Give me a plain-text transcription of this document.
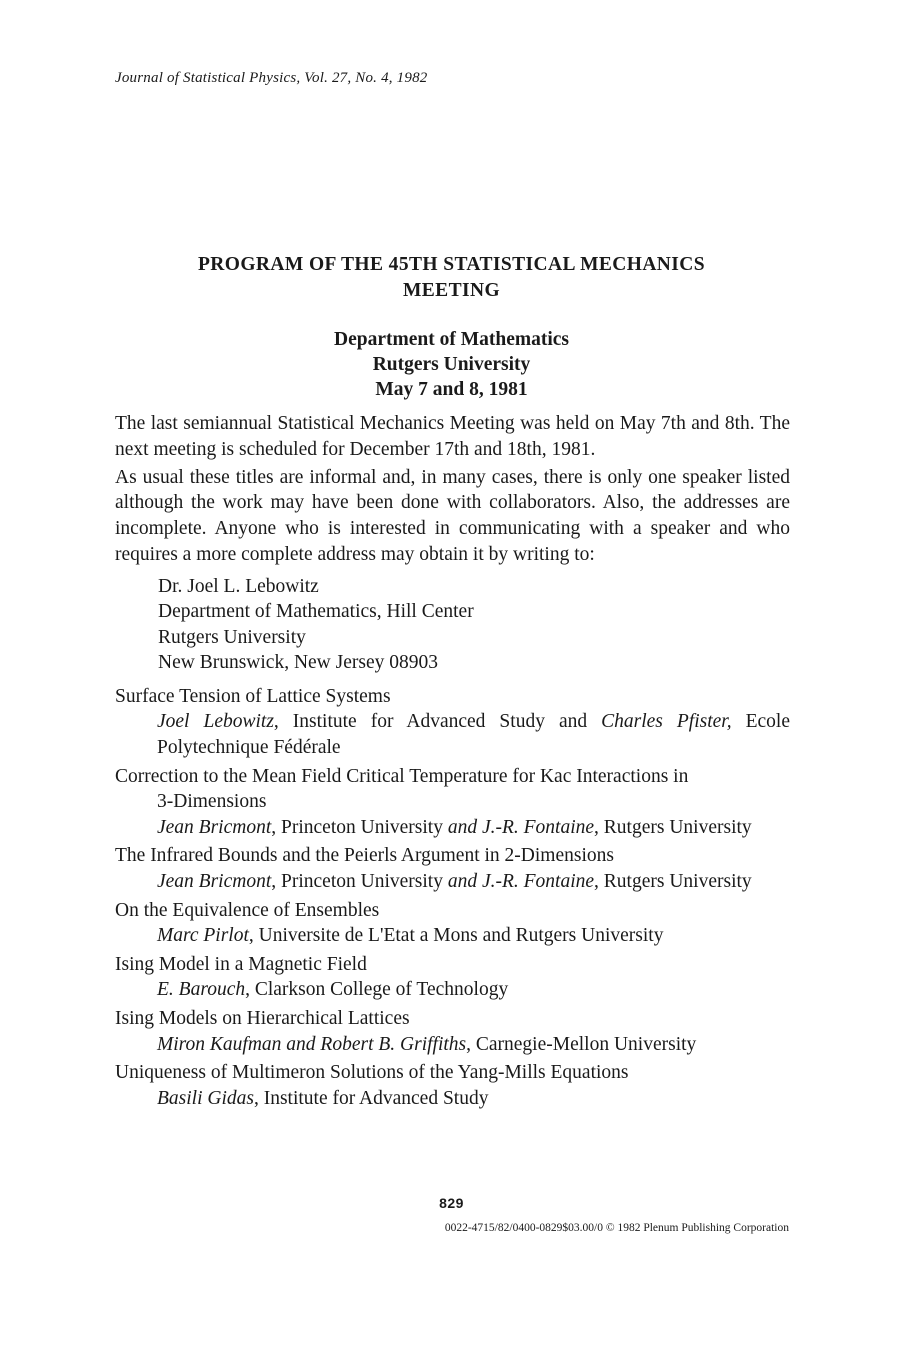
Journal of Statistical Physics, Vol. 27, No. 4, 1982
PROGRAM OF THE 45TH STATISTICAL MECHANICS
MEETING
Department of Mathematics
Rutgers University
May 7 and 8, 1981

The last semiannual Statistical Mechanics Meeting was held on May 7th and 8th. The next meeting is scheduled for December 17th and 18th, 1981.

As usual these titles are informal and, in many cases, there is only one speaker listed although the work may have been done with collaborators. Also, the addresses are incomplete. Anyone who is interested in communicating with a speaker and who requires a more complete address may obtain it by writing to:

Dr. Joel L. Lebowitz
Department of Mathematics, Hill Center
Rutgers University
New Brunswick, New Jersey 08903
Surface Tension of Lattice Systems
Joel Lebowitz, Institute for Advanced Study and Charles Pfister, Ecole Polytechnique Fédérale
Correction to the Mean Field Critical Temperature for Kac Interactions in
3-Dimensions
Jean Bricmont, Princeton University and J.-R. Fontaine, Rutgers University
The Infrared Bounds and the Peierls Argument in 2-Dimensions
Jean Bricmont, Princeton University and J.-R. Fontaine, Rutgers University
On the Equivalence of Ensembles
Marc Pirlot, Universite de L'Etat a Mons and Rutgers University
Ising Model in a Magnetic Field
E. Barouch, Clarkson College of Technology
Ising Models on Hierarchical Lattices
Miron Kaufman and Robert B. Griffiths, Carnegie-Mellon University
Uniqueness of Multimeron Solutions of the Yang-Mills Equations
Basili Gidas, Institute for Advanced Study
829
0022-4715/82/0400-0829$03.00/0 © 1982 Plenum Publishing Corporation
